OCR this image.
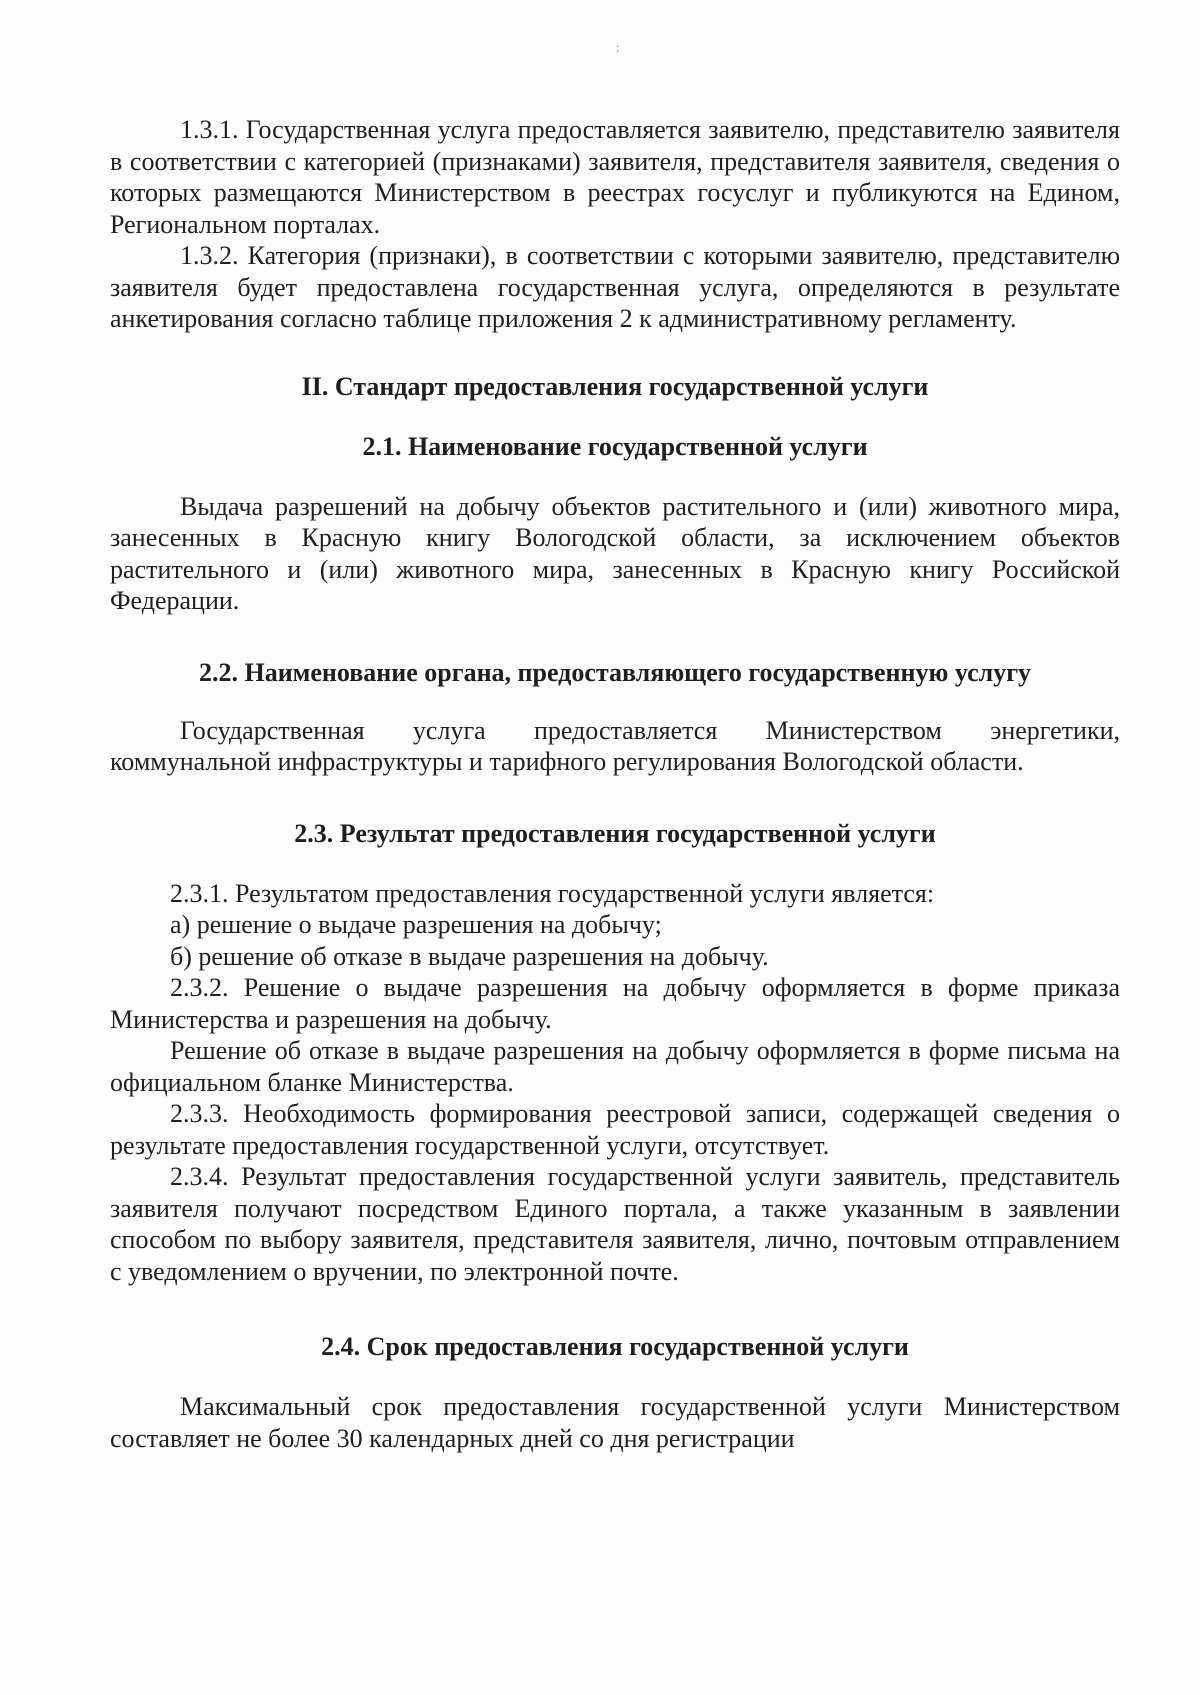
;

1.3.1. Государственная услуга предоставляется заявителю, представителю заявителя в соответствии с категорией (признаками) заявителя, представителя заявителя, сведения о которых размещаются Министерством в реестрах госуслуг и публикуются на Едином, Региональном порталах.

1.3.2. Категория (признаки), в соответствии с которыми заявителю, представителю заявителя будет предоставлена государственная услуга, определяются в результате анкетирования согласно таблице приложения 2 к административному регламенту.

II. Стандарт предоставления государственной услуги
2.1. Наименование государственной услуги

Выдача разрешений на добычу объектов растительного и (или) животного мира, занесенных в Красную книгу Вологодской области, за исключением объектов растительного и (или) животного мира, занесенных в Красную книгу Российской Федерации.

2.2. Наименование органа, предоставляющего государственную услугу

Государственная услуга предоставляется Министерством энергетики, коммунальной инфраструктуры и тарифного регулирования Вологодской области.

2.3. Результат предоставления государственной услуги

2.3.1. Результатом предоставления государственной услуги является:

а) решение о выдаче разрешения на добычу;

б) решение об отказе в выдаче разрешения на добычу.

2.3.2. Решение о выдаче разрешения на добычу оформляется в форме приказа Министерства и разрешения на добычу.

Решение об отказе в выдаче разрешения на добычу оформляется в форме письма на официальном бланке Министерства.

2.3.3. Необходимость формирования реестровой записи, содержащей сведения о результате предоставления государственной услуги, отсутствует.

2.3.4. Результат предоставления государственной услуги заявитель, представитель заявителя получают посредством Единого портала, а также указанным в заявлении способом по выбору заявителя, представителя заявителя, лично, почтовым отправлением с уведомлением о вручении, по электронной почте.

2.4. Срок предоставления государственной услуги

Максимальный срок предоставления государственной услуги Министерством составляет не более 30 календарных дней со дня регистрации
